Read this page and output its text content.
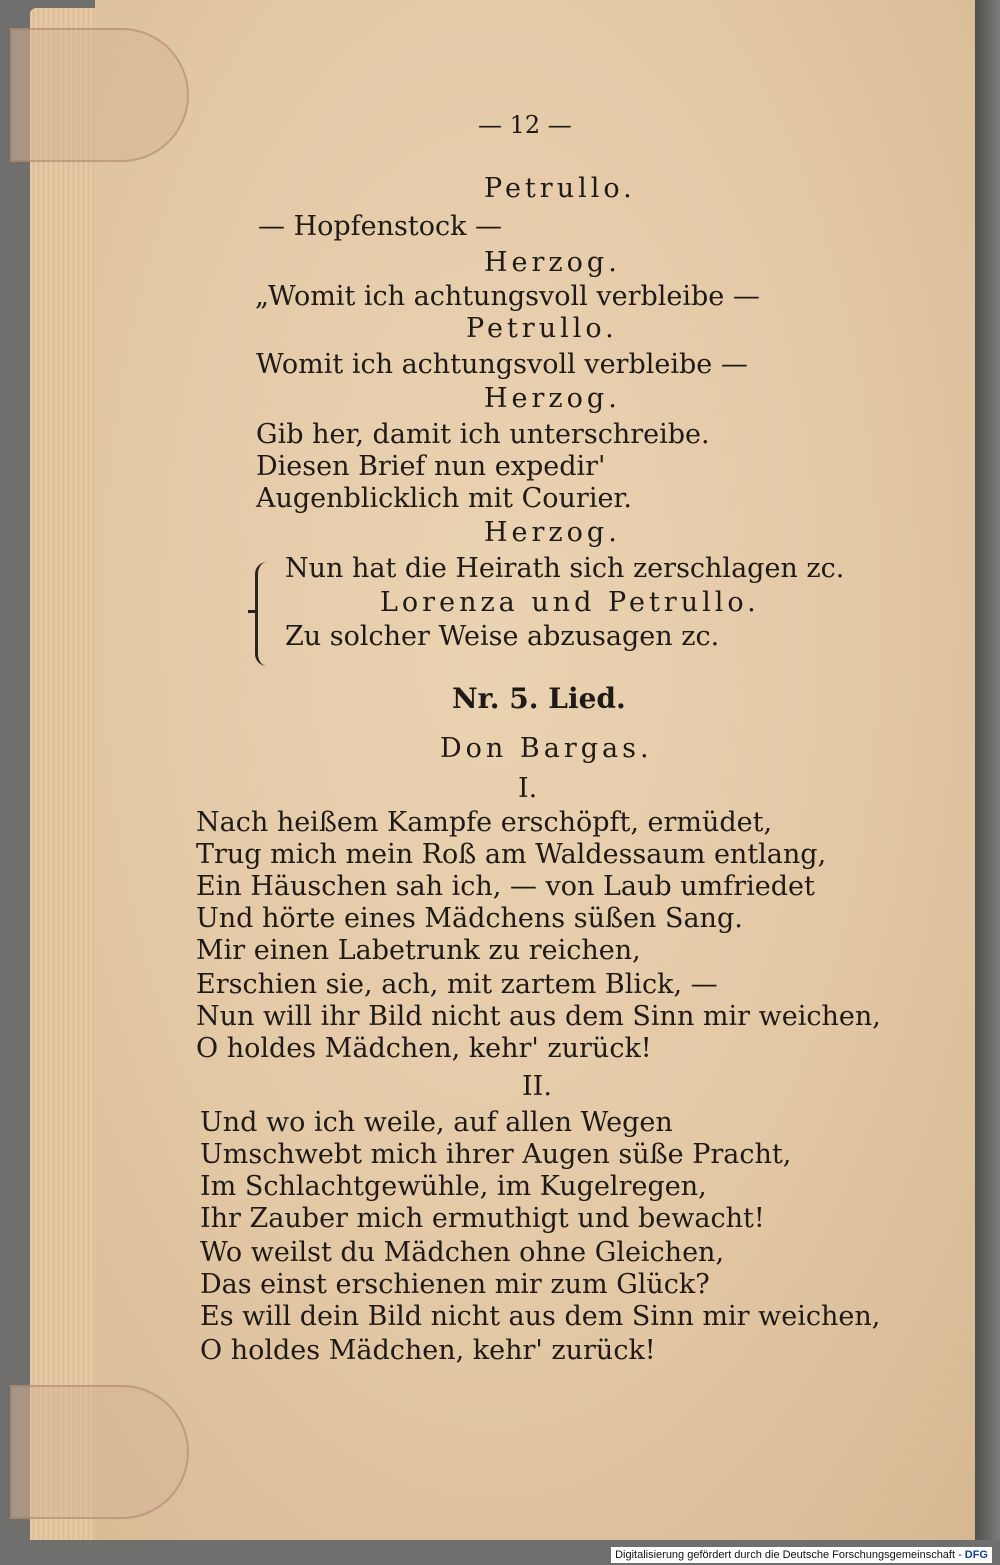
— 12 —
Petrullo.
— Hopfenstock —
Herzog.
„Womit ich achtungsvoll verbleibe —
Petrullo.
Womit ich achtungsvoll verbleibe —
Herzog.
Gib her, damit ich unterschreibe.
Diesen Brief nun expedir'
Augenblicklich mit Courier.
Herzog.
Nun hat die Heirath sich zerschlagen zc.
Lorenza und Petrullo.
Zu solcher Weise abzusagen zc.
Nr. 5. Lied.
Don Bargas.
I.
Nach heißem Kampfe erschöpft, ermüdet,
Trug mich mein Roß am Waldessaum entlang,
Ein Häuschen sah ich, — von Laub umfriedet
Und hörte eines Mädchens süßen Sang.
Mir einen Labetrunk zu reichen,
Erschien sie, ach, mit zartem Blick, —
Nun will ihr Bild nicht aus dem Sinn mir weichen,
O holdes Mädchen, kehr' zurück!
II.
Und wo ich weile, auf allen Wegen
Umschwebt mich ihrer Augen süße Pracht,
Im Schlachtgewühle, im Kugelregen,
Ihr Zauber mich ermuthigt und bewacht!
Wo weilst du Mädchen ohne Gleichen,
Das einst erschienen mir zum Glück?
Es will dein Bild nicht aus dem Sinn mir weichen,
O holdes Mädchen, kehr' zurück!
Digitalisierung gefördert durch die Deutsche Forschungsgemeinschaft - DFG
